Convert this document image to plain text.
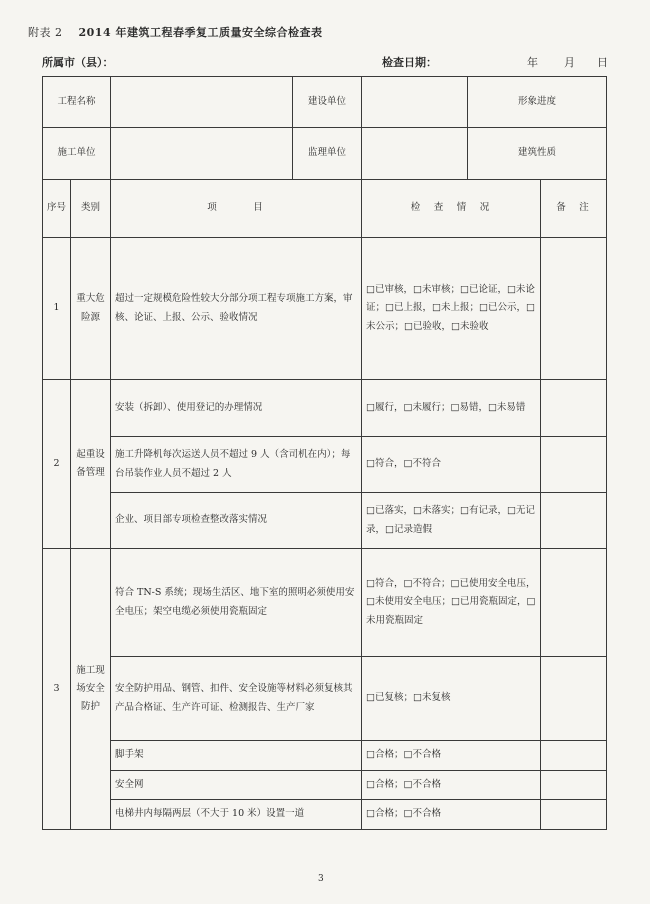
附表 2 2014 年建筑工程春季复工质量安全综合检查表
所属市（县）：	检查日期：	年 月 日
工程名称			建设单位		形象进度	
施工单位			监理单位		建筑性质	
序号	类别	项　　　目		检　查　情　况		备　注
1	重大危险源	超过一定规模危险性较大分部分项工程专项施工方案，审核、论证、上报、公示、验收情况		□已审核，□未审核；□已论证，□未论证；□已上报，□未上报；□已公示，□未公示；□已验收，□未验收		
2	起重设备管理	安装（拆卸）、使用登记的办理情况		□履行，□未履行；□易错，□未易错		
		施工升降机每次运送人员不超过 9 人（含司机在内）；每台吊装作业人员不超过 2 人		□符合，□不符合		
		企业、项目部专项检查整改落实情况		□已落实，□未落实；□有记录，□无记录，□记录造假		
3	施工现场安全防护	符合 TN-S 系统；现场生活区、地下室的照明必须使用安全电压；架空电缆必须使用瓷瓶固定		□符合，□不符合；□已使用安全电压，□未使用安全电压；□已用瓷瓶固定，□未用瓷瓶固定		
		安全防护用品、钢管、扣件、安全设施等材料必须复核其产品合格证、生产许可证、检测报告、生产厂家		□已复核；□未复核		
		脚手架		□合格；□不合格		
		安全网		□合格；□不合格		
		电梯井内每隔两层（不大于 10 米）设置一道		□合格；□不合格		
3
